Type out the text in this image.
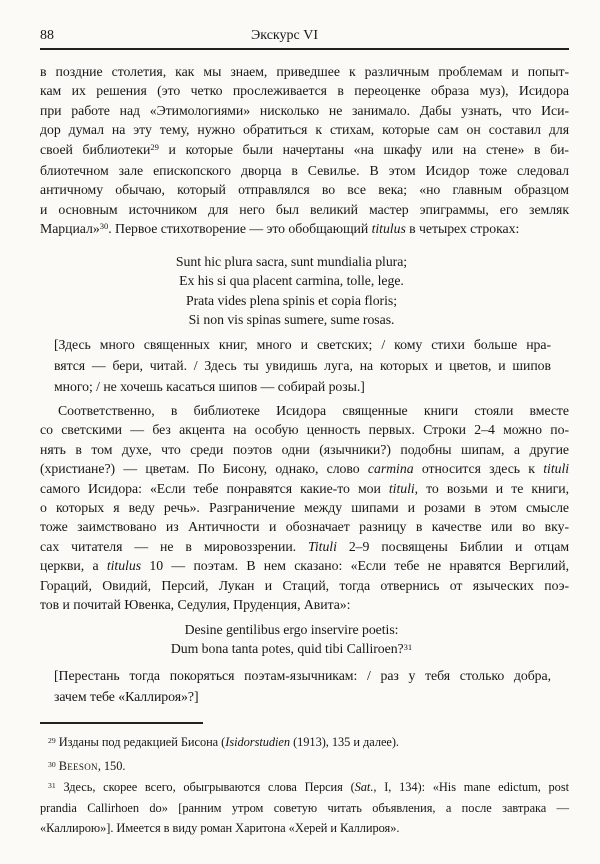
88	Экскурс VI
в поздние столетия, как мы знаем, приведшее к различным проблемам и попыт-
кам их решения (это четко прослеживается в переоценке образа муз), Исидора
при работе над «Этимологиями» нисколько не занимало. Дабы узнать, что Иси-
дор думал на эту тему, нужно обратиться к стихам, которые сам он составил для
своей библиотеки$^{29}$ и которые были начертаны «на шкафу или на стене» в би-
блиотечном зале епископского дворца в Севилье. В этом Исидор тоже следовал
античному обычаю, который отправлялся во все века; «но главным образцом
и основным источником для него был великий мастер эпиграммы, его земляк
Марциал»$^{30}$. Первое стихотворение — это обобщающий titulus в четырех строках:
Sunt hic plura sacra, sunt mundialia plura;
Ex his si qua placent carmina, tolle, lege.
Prata vides plena spinis et copia floris;
Si non vis spinas sumere, sume rosas.
[Здесь много священных книг, много и светских; / кому стихи больше нра-
вятся — бери, читай. / Здесь ты увидишь луга, на которых и цветов, и шипов
много; / не хочешь касаться шипов — собирай розы.]
Соответственно, в библиотеке Исидора священные книги стояли вместе
со светскими — без акцента на особую ценность первых. Строки 2–4 можно по-
нять в том духе, что среди поэтов одни (язычники?) подобны шипам, а другие
(христиане?) — цветам. По Бисону, однако, слово carmina относится здесь к tituli
самого Исидора: «Если тебе понравятся какие-то мои tituli, то возьми и те книги,
о которых я веду речь». Разграничение между шипами и розами в этом смысле
тоже заимствовано из Античности и обозначает разницу в качестве или во вку-
сах читателя — не в мировоззрении. Tituli 2–9 посвящены Библии и отцам
церкви, а titulus 10 — поэтам. В нем сказано: «Если тебе не нравятся Вергилий,
Гораций, Овидий, Персий, Лукан и Стаций, тогда отвернись от языческих поэ-
тов и почитай Ювенка, Седулия, Пруденция, Авита»:
Desine gentilibus ergo inservire poetis:
Dum bona tanta potes, quid tibi Calliroen?$^{31}$
[Перестань тогда покоряться поэтам-язычникам: / раз у тебя столько добра,
зачем тебе «Каллироя»?]
$^{29}$ Изданы под редакцией Бисона (Isidorstudien (1913), 135 и далее).
$^{30}$ Beeson, 150.
$^{31}$ Здесь, скорее всего, обыгрываются слова Персия (Sat., I, 134): «His mane edictum, post
prandia Callirhoen do» [ранним утром советую читать объявления, а после завтрака —
«Каллирою»]. Имеется в виду роман Харитона «Херей и Каллироя».
